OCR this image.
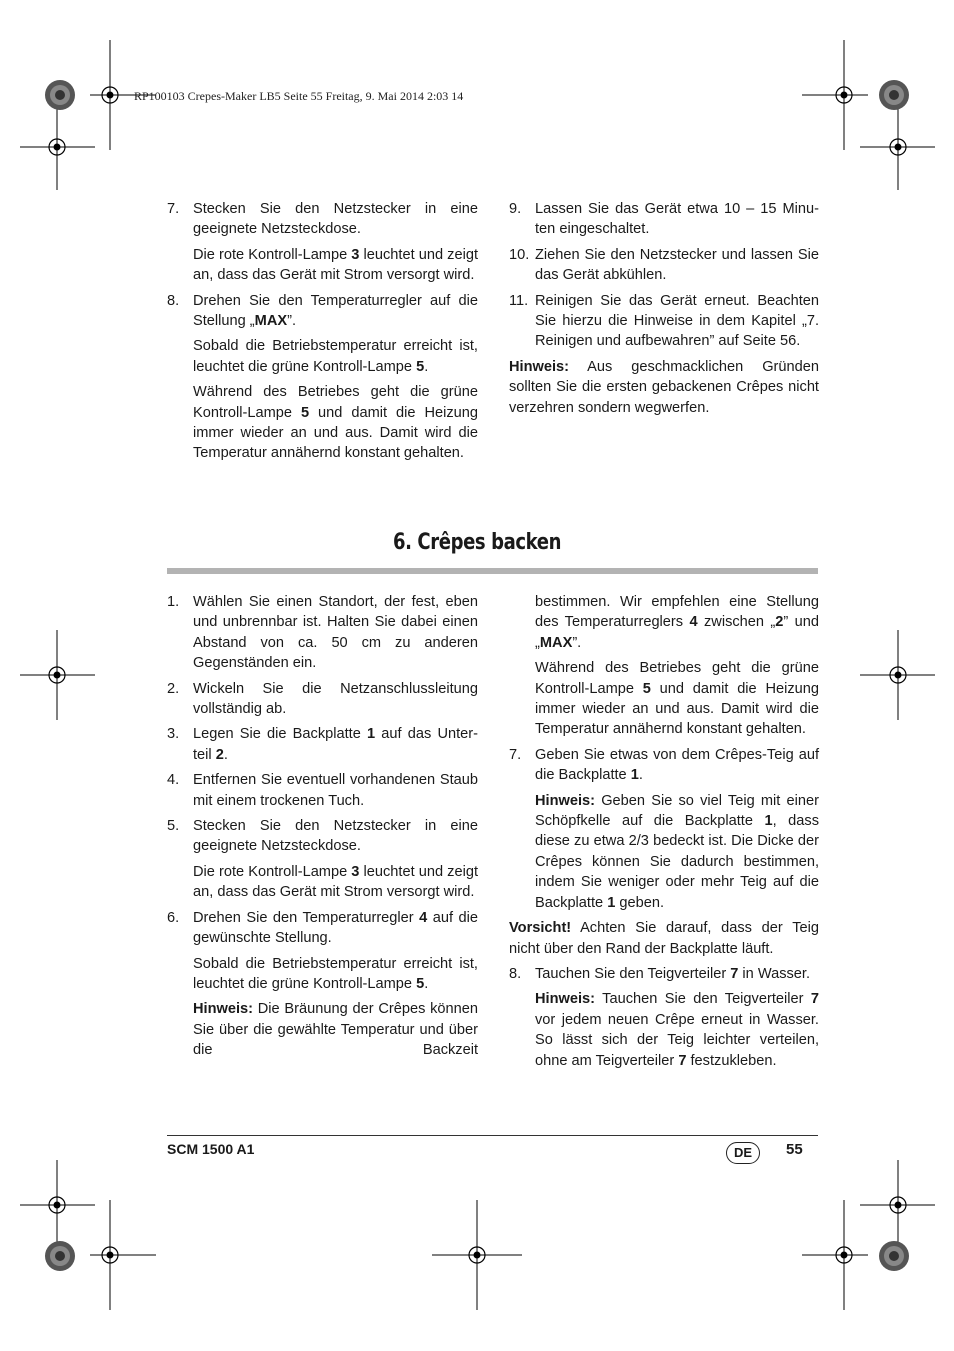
RP100103 Crepes-Maker LB5 Seite 55 Freitag, 9. Mai 2014 2:03 14
7. Stecken Sie den Netzstecker in eine geeignete Netzsteckdose.
Die rote Kontroll-Lampe 3 leuchtet und zeigt an, dass das Gerät mit Strom versorgt wird.
8. Drehen Sie den Temperaturregler auf die Stellung „MAX”.
Sobald die Betriebstemperatur erreicht ist, leuchtet die grüne Kontroll-Lampe 5.
Während des Betriebes geht die grüne Kontroll-Lampe 5 und damit die Heizung immer wieder an und aus. Damit wird die Temperatur annähernd konstant gehalten.
9. Lassen Sie das Gerät etwa 10 – 15 Minu-ten eingeschaltet.
10. Ziehen Sie den Netzstecker und lassen Sie das Gerät abkühlen.
11. Reinigen Sie das Gerät erneut. Beachten Sie hierzu die Hinweise in dem Kapitel „7. Reinigen und aufbewahren” auf Seite 56.
Hinweis: Aus geschmacklichen Gründen sollten Sie die ersten gebackenen Crêpes nicht verzehren sondern wegwerfen.
6. Crêpes backen
1. Wählen Sie einen Standort, der fest, eben und unbrennbar ist. Halten Sie dabei einen Abstand von ca. 50 cm zu anderen Gegenständen ein.
2. Wickeln Sie die Netzanschlussleitung vollständig ab.
3. Legen Sie die Backplatte 1 auf das Unter-teil 2.
4. Entfernen Sie eventuell vorhandenen Staub mit einem trockenen Tuch.
5. Stecken Sie den Netzstecker in eine geeignete Netzsteckdose.
Die rote Kontroll-Lampe 3 leuchtet und zeigt an, dass das Gerät mit Strom versorgt wird.
6. Drehen Sie den Temperaturregler 4 auf die gewünschte Stellung.
Sobald die Betriebstemperatur erreicht ist, leuchtet die grüne Kontroll-Lampe 5.
Hinweis: Die Bräunung der Crêpes können Sie über die gewählte Temperatur und über die Backzeit
bestimmen. Wir empfehlen eine Stellung des Temperaturreglers 4 zwischen „2” und „MAX”.
Während des Betriebes geht die grüne Kontroll-Lampe 5 und damit die Heizung immer wieder an und aus. Damit wird die Temperatur annähernd konstant gehalten.
7. Geben Sie etwas von dem Crêpes-Teig auf die Backplatte 1.
Hinweis: Geben Sie so viel Teig mit einer Schöpfkelle auf die Backplatte 1, dass diese zu etwa 2/3 bedeckt ist. Die Dicke der Crêpes können Sie dadurch bestimmen, indem Sie weniger oder mehr Teig auf die Backplatte 1 geben.
Vorsicht! Achten Sie darauf, dass der Teig nicht über den Rand der Backplatte läuft.
8. Tauchen Sie den Teigverteiler 7 in Wasser.
Hinweis: Tauchen Sie den Teigverteiler 7 vor jedem neuen Crêpe erneut in Wasser. So lässt sich der Teig leichter verteilen, ohne am Teigverteiler 7 festzukleben.
SCM 1500 A1	DE	55
